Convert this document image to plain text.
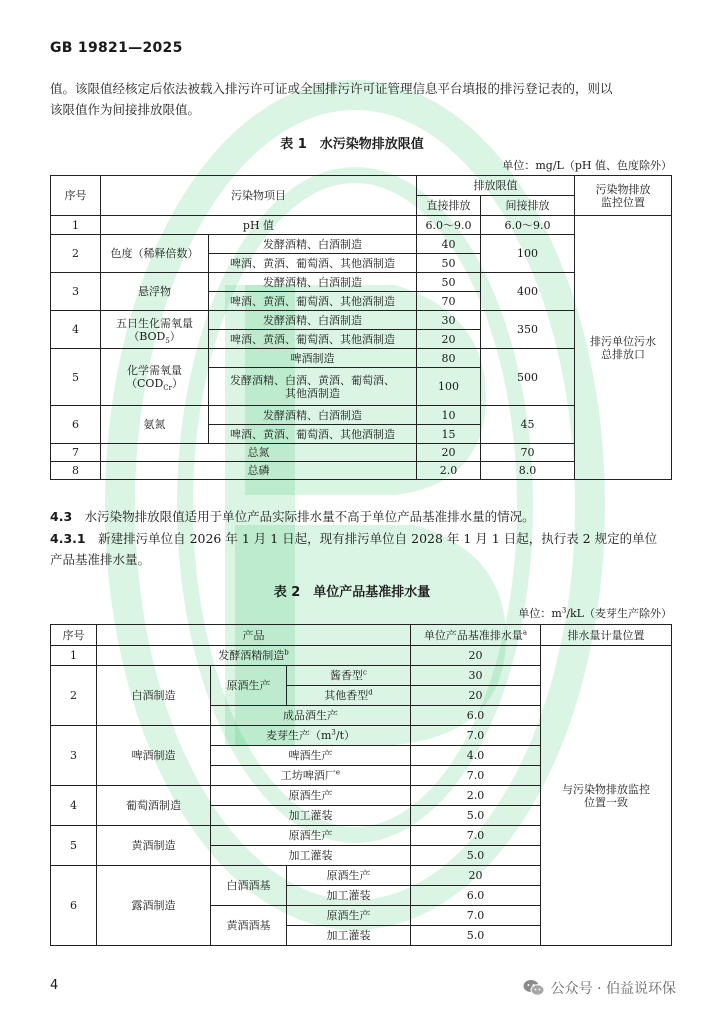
GB 19821—2025
值。该限值经核定后依法被载入排污许可证或全国排污许可证管理信息平台填报的排污登记表的，则以
该限值作为间接排放限值。
表 1　水污染物排放限值
单位：mg/L（pH 值、色度除外）
序号	污染物项目		排放限值		污染物排放
监控位置

			直接排放	间接排放	
1	pH 值		6.0～9.0	6.0～9.0	排污单位污水
总排放口

2	色度（稀释倍数）	发酵酒精、白酒制造	40	100	
		啤酒、黄酒、葡萄酒、其他酒制造	50		
3	悬浮物	发酵酒精、白酒制造	50	400	
		啤酒、黄酒、葡萄酒、其他酒制造	70		
4	五日生化需氧量
$(BOD_5)$	发酵酒精、白酒制造	30	350	
		啤酒、黄酒、葡萄酒、其他酒制造	20		
5	化学需氧量
$(COD_{Cr})$	啤酒制造	80	500	

		发酵酒精、白酒、黄酒、葡萄酒、
其他酒制造	100		
6	氨氮	发酵酒精、白酒制造	10	45	
		啤酒、黄酒、葡萄酒、其他酒制造	15		
7	总氮		20	70	
8	总磷		2.0	8.0	
4.3　水污染物排放限值适用于单位产品实际排水量不高于单位产品基准排水量的情况。
4.3.1　新建排污单位自 2026 年 1 月 1 日起，现有排污单位自 2028 年 1 月 1 日起，执行表 2 规定的单位
产品基准排水量。
表 2　单位产品基准排水量
单位：$m^3/kL$（麦芽生产除外）
序号	产品			单位产品基准排水量$^a$	排水量计量位置
1	发酵酒精制造$^b$			20	与污染物排放监控
位置一致

2	白酒制造	原酒生产	酱香型$^c$	30	
			其他香型$^d$	20	
		成品酒生产		6.0	
3	啤酒制造	麦芽生产$(m^3/t)$		7.0	
		啤酒生产		4.0	
		工坊啤酒厂$^e$		7.0	
4	葡萄酒制造	原酒生产		2.0	
		加工灌装		5.0	
5	黄酒制造	原酒生产		7.0	
		加工灌装		5.0	
6	露酒制造	白酒酒基	原酒生产	20	
			加工灌装	6.0	
		黄酒酒基	原酒生产	7.0	
			加工灌装	5.0	
4	公众号 · 伯益说环保
